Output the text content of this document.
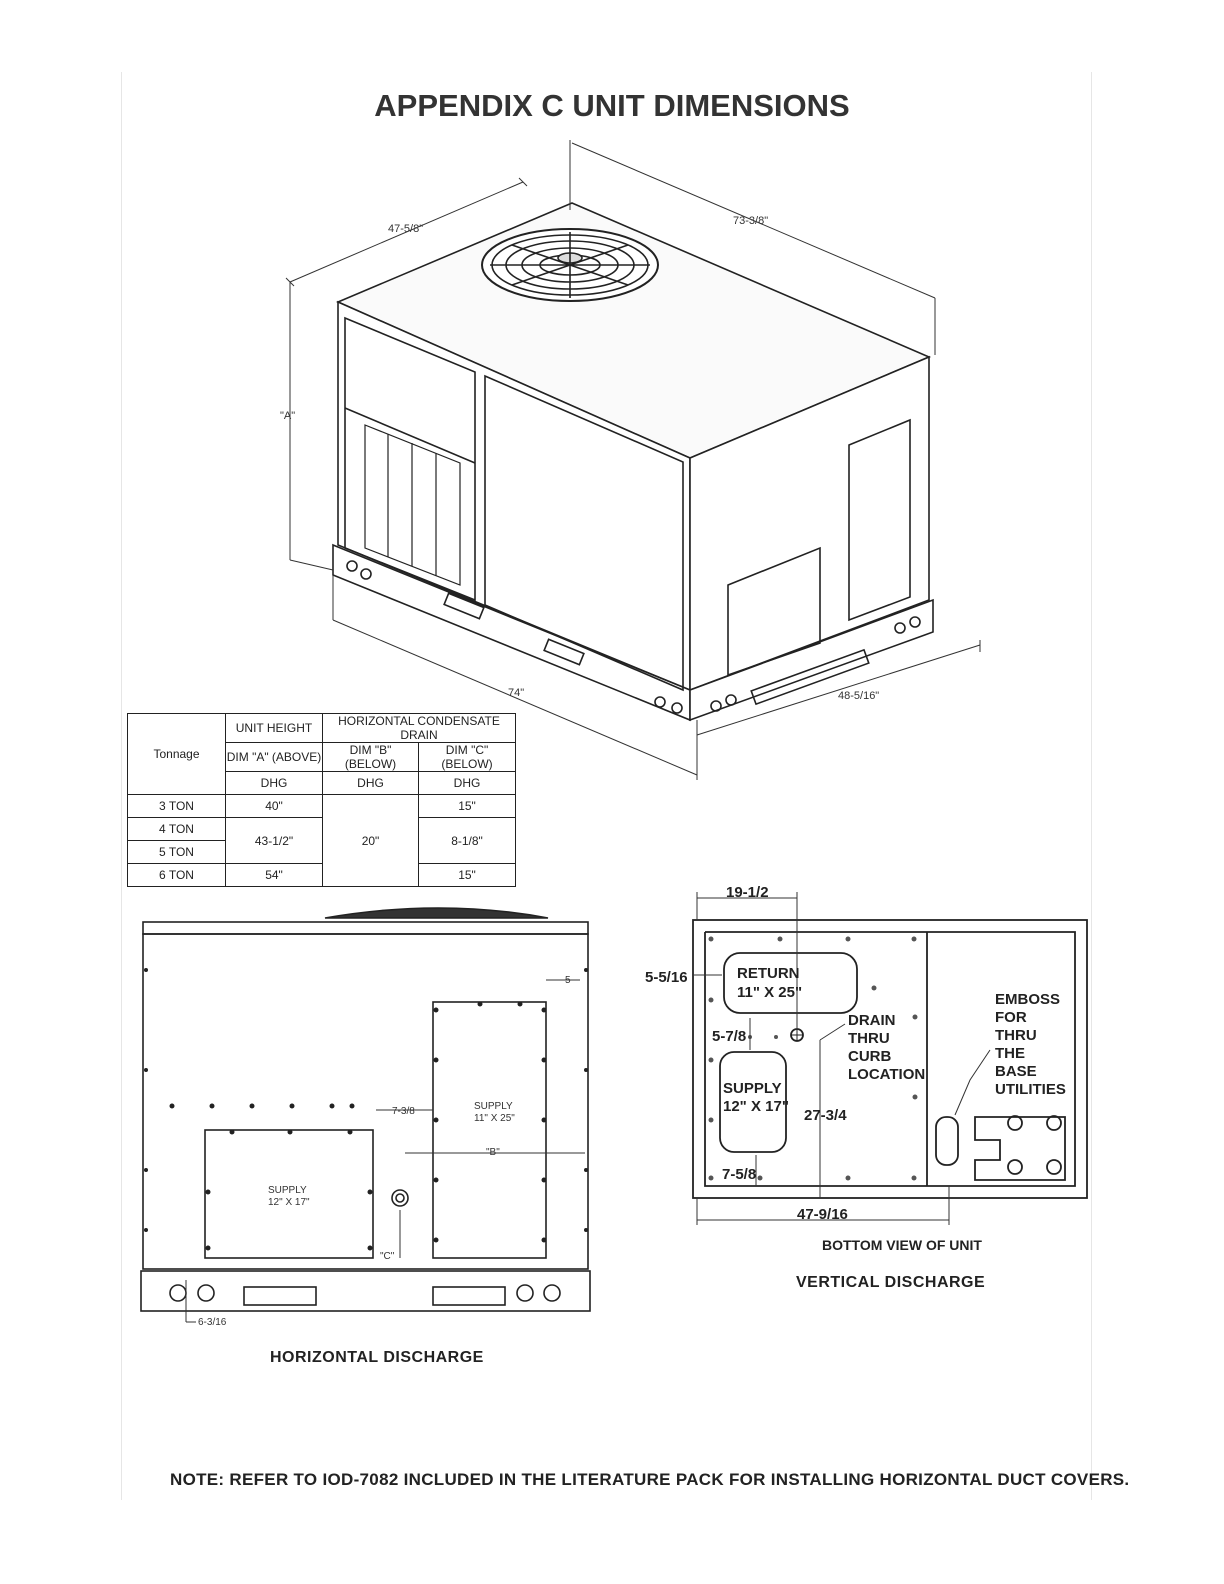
APPENDIX C UNIT DIMENSIONS
47-5/8"
73-3/8"
"A"
74"	48-5/16"
Tonnage	UNIT HEIGHT	HORIZONTAL CONDENSATE DRAIN	
	DIM "A" (ABOVE)	DIM "B" (BELOW)	DIM "C" (BELOW)
	DHG	DHG	DHG
3 TON	40"	20"	15"
4 TON	43-1/2"		8-1/8"
5 TON			
6 TON	54"		15"
5
7-3/8	SUPPLY
11" X 25"
"B"
SUPPLY
12" X 17"
"C"
6-3/16
HORIZONTAL DISCHARGE
19-1/2
5-5/16	RETURN
11" X 25"
5-7/8
DRAIN
THRU
CURB
LOCATION
SUPPLY
12" X 17"
27-3/4
7-5/8
47-9/16
EMBOSS
FOR
THRU
THE
BASE
UTILITIES
BOTTOM VIEW OF UNIT
VERTICAL DISCHARGE
NOTE: REFER TO IOD-7082 INCLUDED IN THE LITERATURE PACK FOR INSTALLING HORIZONTAL DUCT COVERS.
